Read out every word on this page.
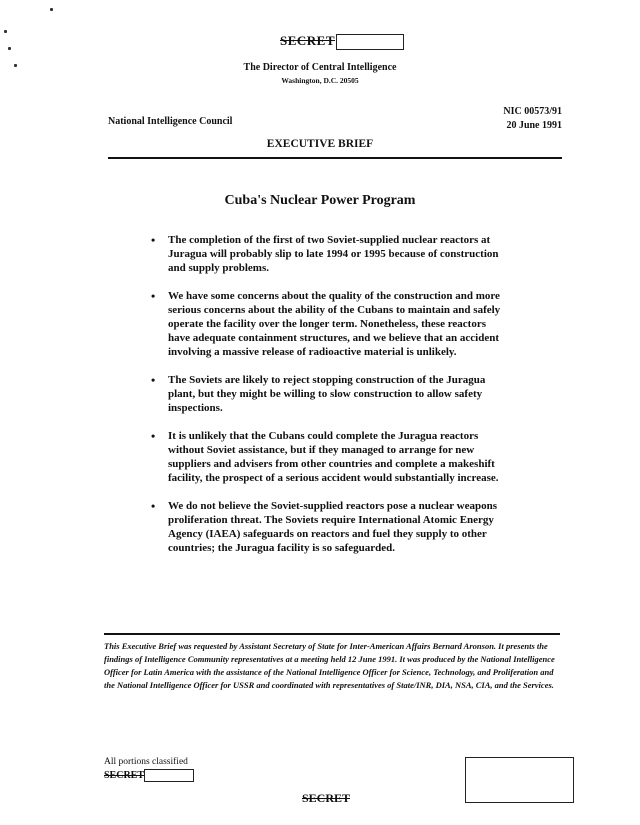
SECRET
The Director of Central Intelligence
Washington, D.C. 20505
National Intelligence Council
NIC 00573/91
20 June 1991
EXECUTIVE BRIEF
Cuba's Nuclear Power Program
• The completion of the first of two Soviet-supplied nuclear reactors at Juragua will probably slip to late 1994 or 1995 because of construction and supply problems.
• We have some concerns about the quality of the construction and more serious concerns about the ability of the Cubans to maintain and safely operate the facility over the longer term. Nonetheless, these reactors have adequate containment structures, and we believe that an accident involving a massive release of radioactive material is unlikely.
• The Soviets are likely to reject stopping construction of the Juragua plant, but they might be willing to slow construction to allow safety inspections.
• It is unlikely that the Cubans could complete the Juragua reactors without Soviet assistance, but if they managed to arrange for new suppliers and advisers from other countries and complete a makeshift facility, the prospect of a serious accident would substantially increase.
• We do not believe the Soviet-supplied reactors pose a nuclear weapons proliferation threat. The Soviets require International Atomic Energy Agency (IAEA) safeguards on reactors and fuel they supply to other countries; the Juragua facility is so safeguarded.
This Executive Brief was requested by Assistant Secretary of State for Inter-American Affairs Bernard Aronson. It presents the findings of Intelligence Community representatives at a meeting held 12 June 1991. It was produced by the National Intelligence Officer for Latin America with the assistance of the National Intelligence Officer for Science, Technology, and Proliferation and the National Intelligence Officer for USSR and coordinated with representatives of State/INR, DIA, NSA, CIA, and the Services.
All portions classified
SECRET
SECRET
